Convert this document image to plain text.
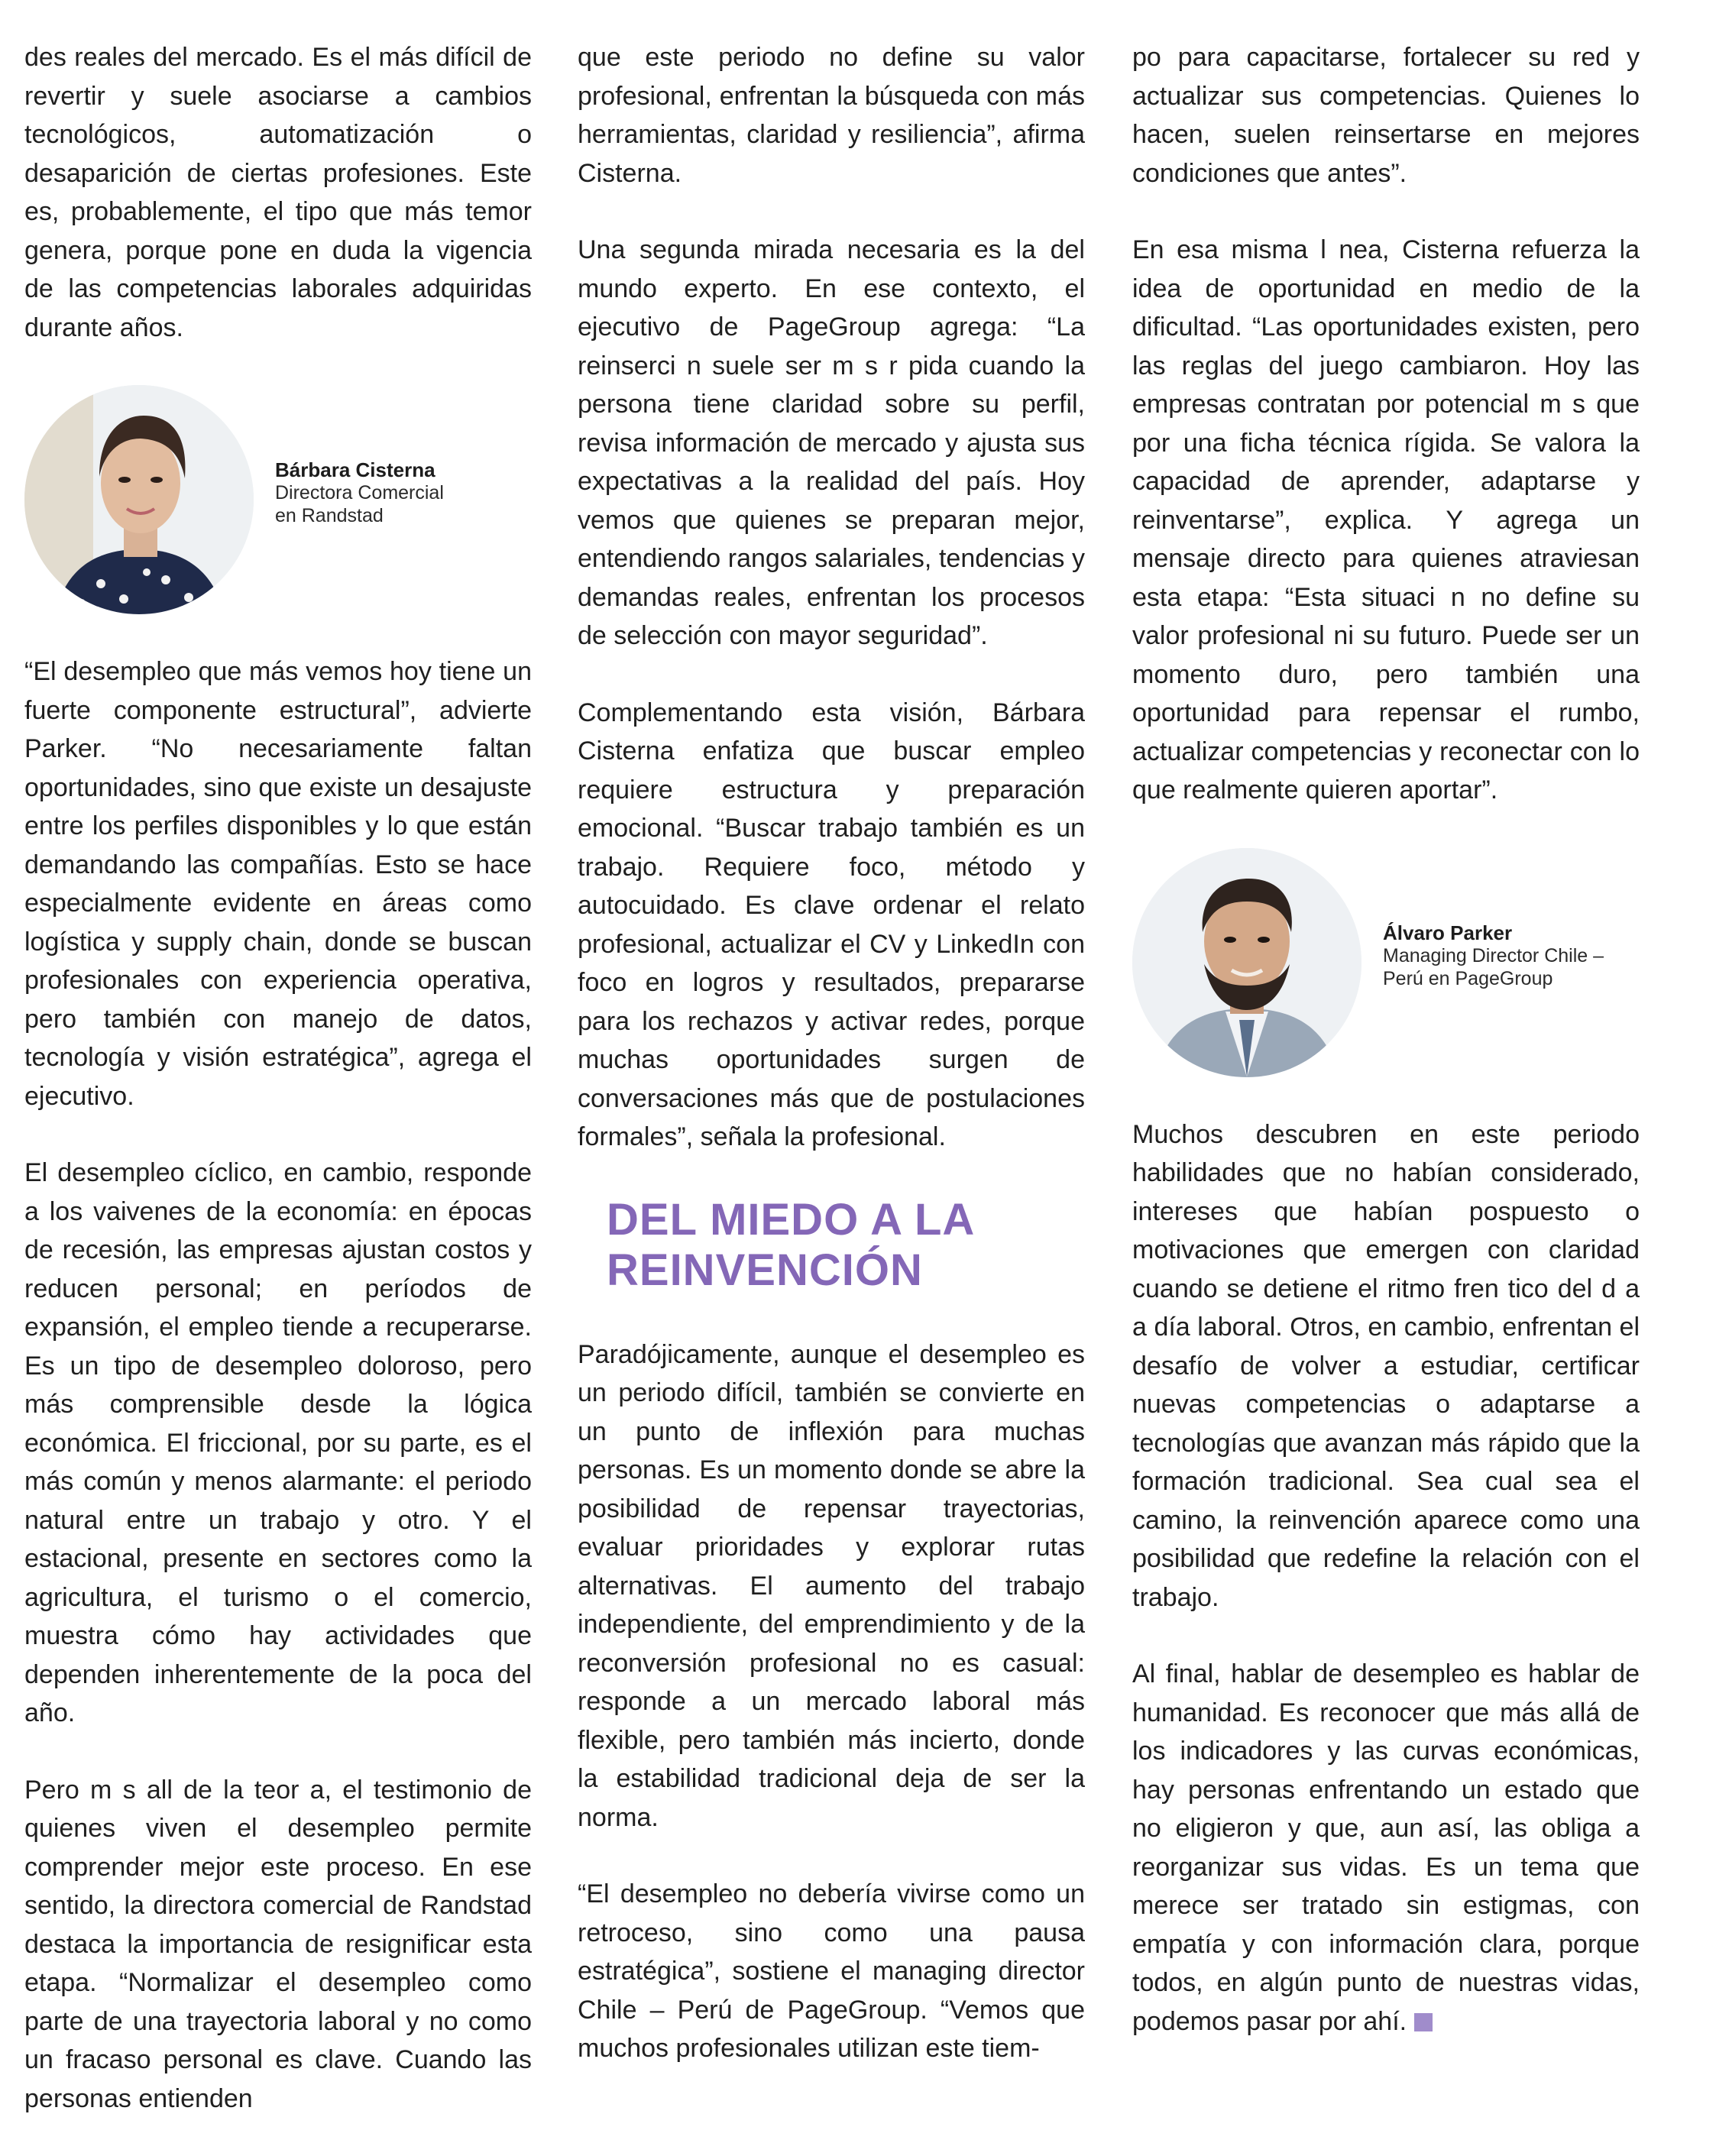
des reales del mercado. Es el más difícil de revertir y suele asociarse a cambios tecnológicos, automatización o desaparición de ciertas profesiones. Este es, probablemente, el tipo que más temor genera, porque pone en duda la vigencia de las competencias laborales adquiridas durante años.

Bárbara Cisterna

Directora Comercial

en Randstad

“El desempleo que más vemos hoy tiene un fuerte componente estructural”, advierte Parker. “No necesariamente faltan oportunidades, sino que existe un desajuste entre los perfiles disponibles y lo que están demandando las compañías. Esto se hace especialmente evidente en áreas como logística y supply chain, donde se buscan profesionales con experiencia operativa, pero también con manejo de datos, tecnología y visión estratégica”, agrega el ejecutivo.

El desempleo cíclico, en cambio, responde a los vaivenes de la economía: en épocas de recesión, las empresas ajustan costos y reducen personal; en períodos de expansión, el empleo tiende a recuperarse. Es un tipo de desempleo doloroso, pero más comprensible desde la lógica económica. El friccional, por su parte, es el más común y menos alarmante: el periodo natural entre un trabajo y otro. Y el estacional, presente en sectores como la agricultura, el turismo o el comercio, muestra cómo hay actividades que dependen inherentemente de la poca del año.

Pero m s all de la teor a, el testimonio de quienes viven el desempleo permite comprender mejor este proceso. En ese sentido, la directora comercial de Randstad destaca la importancia de resignificar esta etapa. “Normalizar el desempleo como parte de una trayectoria laboral y no como un fracaso personal es clave. Cuando las personas entienden

que este periodo no define su valor profesional, enfrentan la búsqueda con más herramientas, claridad y resiliencia”, afirma Cisterna.

Una segunda mirada necesaria es la del mundo experto. En ese contexto, el ejecutivo de PageGroup agrega: “La reinserci n suele ser m s r pida cuando la persona tiene claridad sobre su perfil, revisa información de mercado y ajusta sus expectativas a la realidad del país. Hoy vemos que quienes se preparan mejor, entendiendo rangos salariales, tendencias y demandas reales, enfrentan los procesos de selección con mayor seguridad”.

Complementando esta visión, Bárbara Cisterna enfatiza que buscar empleo requiere estructura y preparación emocional. “Buscar trabajo también es un trabajo. Requiere foco, método y autocuidado. Es clave ordenar el relato profesional, actualizar el CV y LinkedIn con foco en logros y resultados, prepararse para los rechazos y activar redes, porque muchas oportunidades surgen de conversaciones más que de postulaciones formales”, señala la profesional.

DEL MIEDO A LA
REINVENCIÓN

Paradójicamente, aunque el desempleo es un periodo difícil, también se convierte en un punto de inflexión para muchas personas. Es un momento donde se abre la posibilidad de repensar trayectorias, evaluar prioridades y explorar rutas alternativas. El aumento del trabajo independiente, del emprendimiento y de la reconversión profesional no es casual: responde a un mercado laboral más flexible, pero también más incierto, donde la estabilidad tradicional deja de ser la norma.

“El desempleo no debería vivirse como un retroceso, sino como una pausa estratégica”, sostiene el managing director Chile – Perú de PageGroup. “Vemos que muchos profesionales utilizan este tiem-

po para capacitarse, fortalecer su red y actualizar sus competencias. Quienes lo hacen, suelen reinsertarse en mejores condiciones que antes”.

En esa misma l nea, Cisterna refuerza la idea de oportunidad en medio de la dificultad. “Las oportunidades existen, pero las reglas del juego cambiaron. Hoy las empresas contratan por potencial m s que por una ficha técnica rígida. Se valora la capacidad de aprender, adaptarse y reinventarse”, explica. Y agrega un mensaje directo para quienes atraviesan esta etapa: “Esta situaci n no define su valor profesional ni su futuro. Puede ser un momento duro, pero también una oportunidad para repensar el rumbo, actualizar competencias y reconectar con lo que realmente quieren aportar”.

Álvaro Parker

Managing Director Chile –

Perú en PageGroup

Muchos descubren en este periodo habilidades que no habían considerado, intereses que habían pospuesto o motivaciones que emergen con claridad cuando se detiene el ritmo fren tico del d a a día laboral. Otros, en cambio, enfrentan el desafío de volver a estudiar, certificar nuevas competencias o adaptarse a tecnologías que avanzan más rápido que la formación tradicional. Sea cual sea el camino, la reinvención aparece como una posibilidad que redefine la relación con el trabajo.

Al final, hablar de desempleo es hablar de humanidad. Es reconocer que más allá de los indicadores y las curvas económicas, hay personas enfrentando un estado que no eligieron y que, aun así, las obliga a reorganizar sus vidas. Es un tema que merece ser tratado sin estigmas, con empatía y con información clara, porque todos, en algún punto de nuestras vidas, podemos pasar por ahí.
